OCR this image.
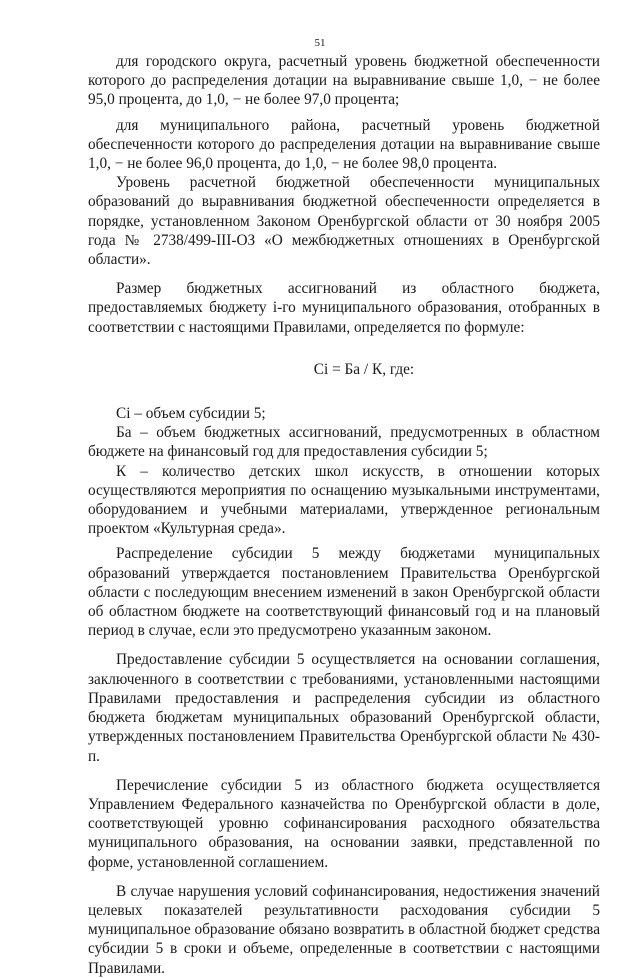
51

для городского округа, расчетный уровень бюджетной обеспеченности которого до распределения дотации на выравнивание свыше 1,0, − не более 95,0 процента, до 1,0, − не более 97,0 процента;

для муниципального района, расчетный уровень бюджетной обеспеченности которого до распределения дотации на выравнивание свыше 1,0, − не более 96,0 процента, до 1,0, − не более 98,0 процента.

Уровень расчетной бюджетной обеспеченности муниципальных образований до выравнивания бюджетной обеспеченности определяется в порядке, установленном Законом Оренбургской области от 30 ноября 2005 года № 2738/499-III-ОЗ «О межбюджетных отношениях в Оренбургской области».

Размер бюджетных ассигнований из областного бюджета, предоставляемых бюджету i-го муниципального образования, отобранных в соответствии с настоящими Правилами, определяется по формуле:

Ci = Ба / К, где:

Ci – объем субсидии 5;

Ба – объем бюджетных ассигнований, предусмотренных в областном бюджете на финансовый год для предоставления субсидии 5;

К – количество детских школ искусств, в отношении которых осуществляются мероприятия по оснащению музыкальными инструментами, оборудованием и учебными материалами, утвержденное региональным проектом «Культурная среда».

Распределение субсидии 5 между бюджетами муниципальных образований утверждается постановлением Правительства Оренбургской области с последующим внесением изменений в закон Оренбургской области об областном бюджете на соответствующий финансовый год и на плановый период в случае, если это предусмотрено указанным законом.

Предоставление субсидии 5 осуществляется на основании соглашения, заключенного в соответствии с требованиями, установленными настоящими Правилами предоставления и распределения субсидии из областного бюджета бюджетам муниципальных образований Оренбургской области, утвержденных постановлением Правительства Оренбургской области № 430-п.

Перечисление субсидии 5 из областного бюджета осуществляется Управлением Федерального казначейства по Оренбургской области в доле, соответствующей уровню софинансирования расходного обязательства муниципального образования, на основании заявки, представленной по форме, установленной соглашением.

В случае нарушения условий софинансирования, недостижения значений целевых показателей результативности расходования субсидии 5 муниципальное образование обязано возвратить в областной бюджет средства субсидии 5 в сроки и объеме, определенные в соответствии с настоящими Правилами.
